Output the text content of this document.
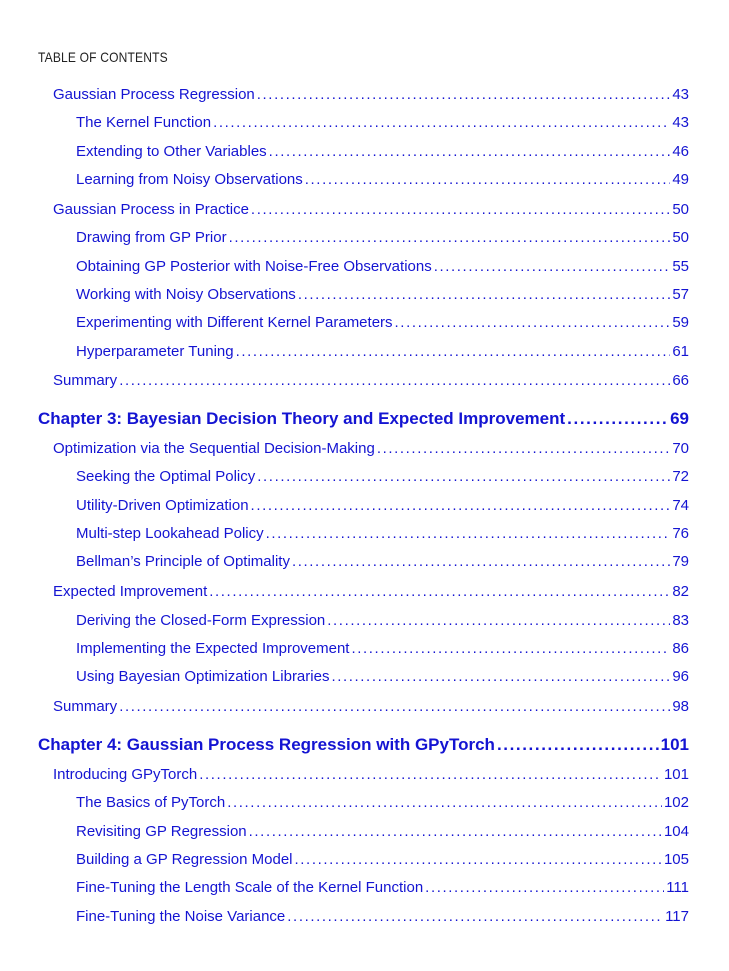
TABLE OF CONTENTS
Gaussian Process Regression .....	43
The Kernel Function .....	43
Extending to Other Variables .....	46
Learning from Noisy Observations .....	49
Gaussian Process in Practice .....	50
Drawing from GP Prior .....	50
Obtaining GP Posterior with Noise-Free Observations .....	55
Working with Noisy Observations .....	57
Experimenting with Different Kernel Parameters .....	59
Hyperparameter Tuning .....	61
Summary .....	66
Chapter 3: Bayesian Decision Theory and Expected Improvement .....	69
Optimization via the Sequential Decision-Making .....	70
Seeking the Optimal Policy .....	72
Utility-Driven Optimization .....	74
Multi-step Lookahead Policy .....	76
Bellman’s Principle of Optimality .....	79
Expected Improvement .....	82
Deriving the Closed-Form Expression .....	83
Implementing the Expected Improvement .....	86
Using Bayesian Optimization Libraries .....	96
Summary .....	98
Chapter 4: Gaussian Process Regression with GPyTorch .....	101
Introducing GPyTorch .....	101
The Basics of PyTorch .....	102
Revisiting GP Regression .....	104
Building a GP Regression Model .....	105
Fine-Tuning the Length Scale of the Kernel Function .....	111
Fine-Tuning the Noise Variance .....	117
